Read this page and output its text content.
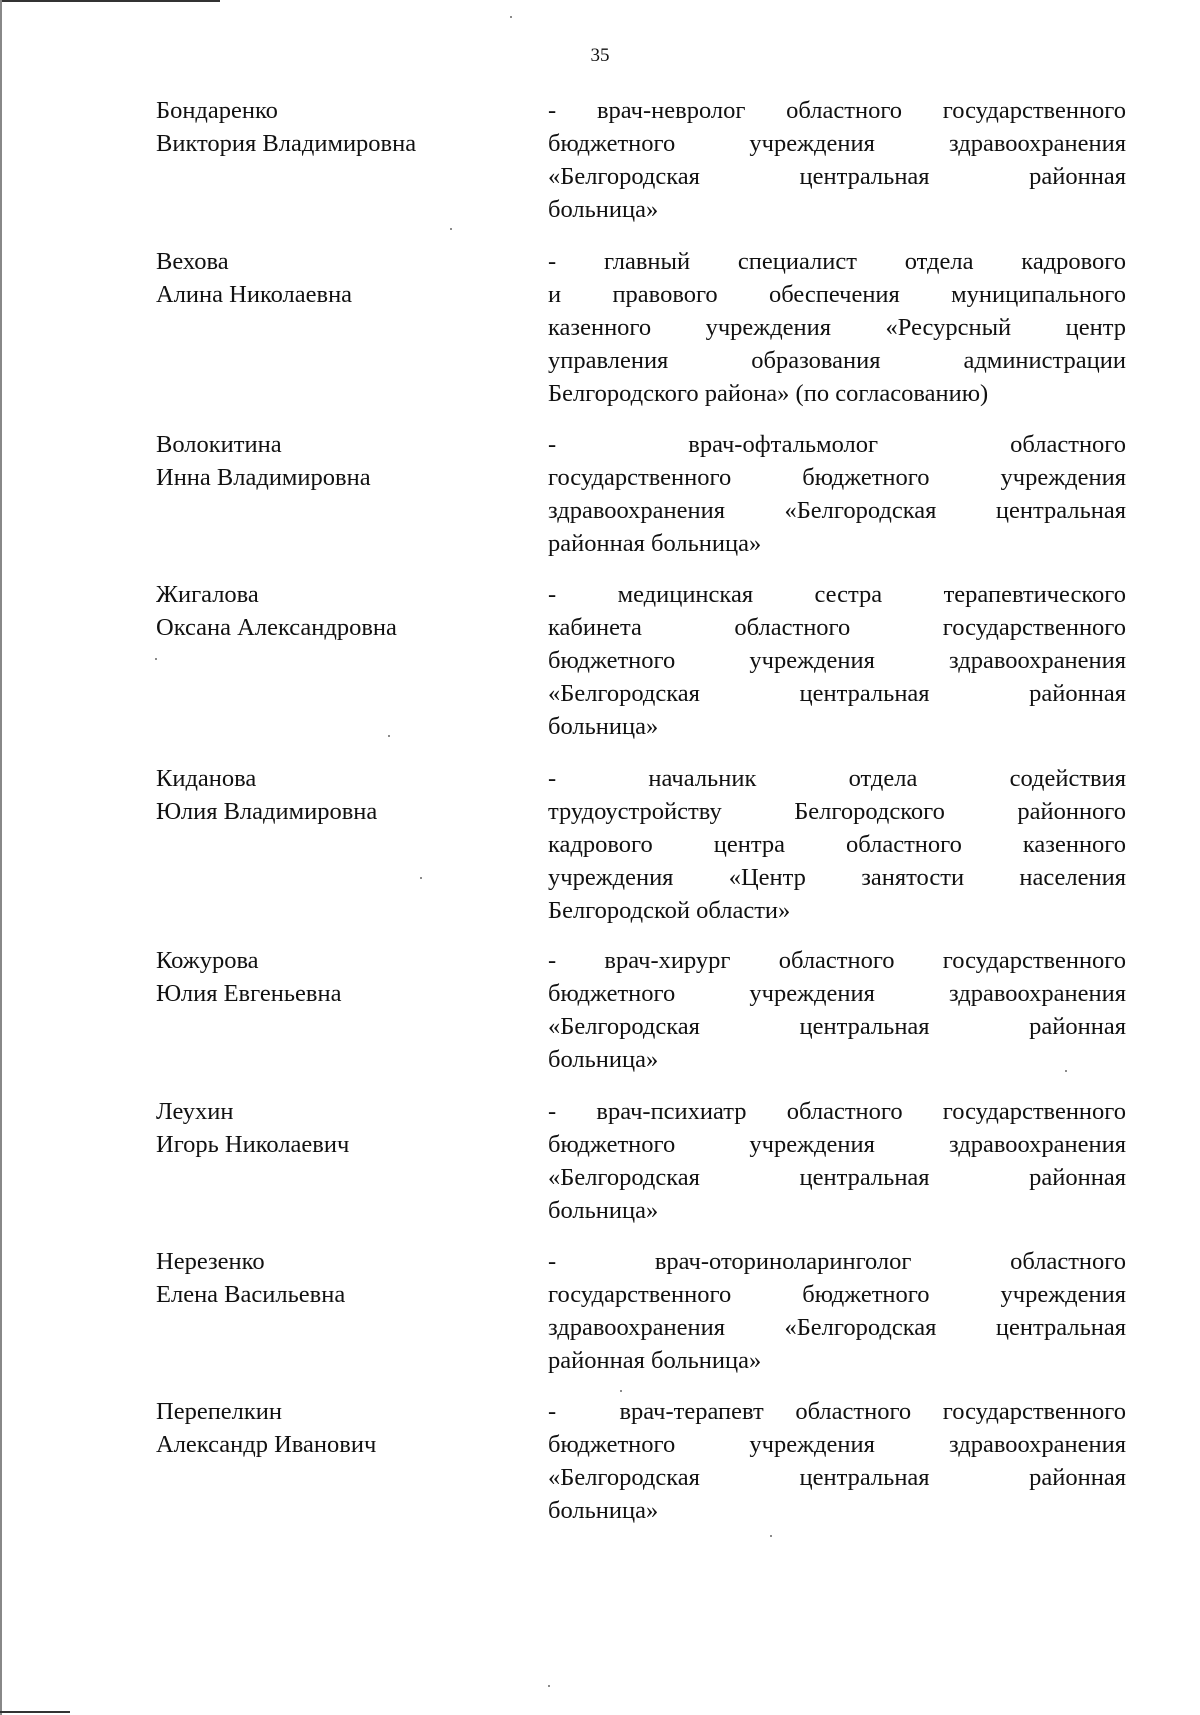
35
Бондаренко
Виктория Владимировна
- врач-невролог областного государственного
бюджетного учреждения здравоохранения
«Белгородская центральная районная
больница»
Вехова
Алина Николаевна
- главный специалист отдела кадрового
и правового обеспечения муниципального
казенного учреждения «Ресурсный центр
управления образования администрации
Белгородского района» (по согласованию)
Волокитина
Инна Владимировна
- врач-офтальмолог областного
государственного бюджетного учреждения
здравоохранения «Белгородская центральная
районная больница»
Жигалова
Оксана Александровна
- медицинская сестра терапевтического
кабинета областного государственного
бюджетного учреждения здравоохранения
«Белгородская центральная районная
больница»
Киданова
Юлия Владимировна
- начальник отдела содействия
трудоустройству Белгородского районного
кадрового центра областного казенного
учреждения «Центр занятости населения
Белгородской области»
Кожурова
Юлия Евгеньевна
- врач-хирург областного государственного
бюджетного учреждения здравоохранения
«Белгородская центральная районная
больница»
Леухин
Игорь Николаевич
- врач-психиатр областного государственного
бюджетного учреждения здравоохранения
«Белгородская центральная районная
больница»
Нерезенко
Елена Васильевна
- врач-оториноларинголог областного
государственного бюджетного учреждения
здравоохранения «Белгородская центральная
районная больница»
Перепелкин
Александр Иванович
-  врач-терапевт областного государственного
бюджетного учреждения здравоохранения
«Белгородская центральная районная
больница»
